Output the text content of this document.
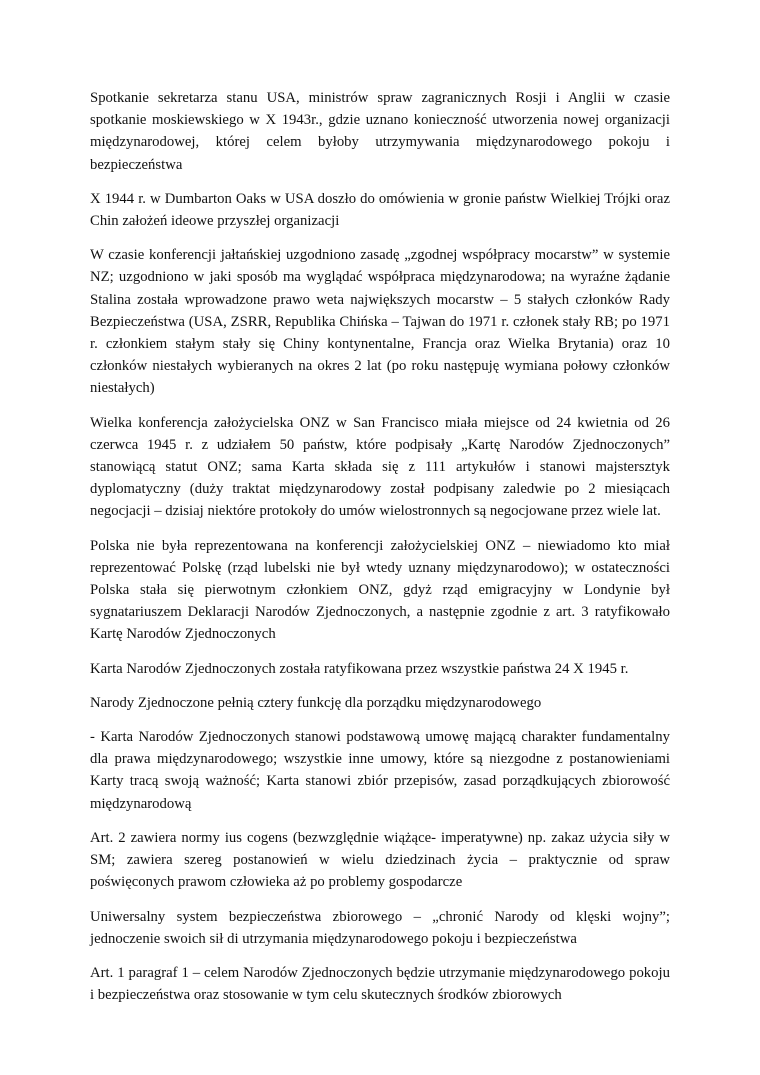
Spotkanie sekretarza stanu USA, ministrów spraw zagranicznych Rosji i Anglii w czasie spotkanie moskiewskiego w X 1943r., gdzie uznano konieczność utworzenia nowej organizacji międzynarodowej, której celem byłoby utrzymywania międzynarodowego pokoju i bezpieczeństwa

X 1944 r. w Dumbarton Oaks w USA doszło do omówienia w gronie państw Wielkiej Trójki oraz Chin założeń ideowe przyszłej organizacji

W czasie konferencji jałtańskiej uzgodniono zasadę „zgodnej współpracy mocarstw” w systemie NZ; uzgodniono w jaki sposób ma wyglądać współpraca międzynarodowa; na wyraźne żądanie Stalina została wprowadzone prawo weta największych mocarstw – 5 stałych członków Rady Bezpieczeństwa (USA, ZSRR, Republika Chińska – Tajwan do 1971 r. członek stały RB; po 1971 r. członkiem stałym stały się Chiny kontynentalne, Francja oraz Wielka Brytania) oraz 10 członków niestałych wybieranych na okres 2 lat (po roku następuję wymiana połowy członków niestałych)

Wielka konferencja założycielska ONZ w San Francisco miała miejsce od 24 kwietnia od 26 czerwca 1945 r. z udziałem 50 państw, które podpisały „Kartę Narodów Zjednoczonych” stanowiącą statut ONZ; sama Karta składa się z 111 artykułów i stanowi majstersztyk dyplomatyczny (duży traktat międzynarodowy został podpisany zaledwie po 2 miesiącach negocjacji – dzisiaj niektóre protokoły do umów wielostronnych są negocjowane przez wiele lat.

Polska nie była reprezentowana na konferencji założycielskiej ONZ – niewiadomo kto miał reprezentować Polskę (rząd lubelski nie był wtedy uznany międzynarodowo); w ostateczności Polska stała się pierwotnym członkiem ONZ, gdyż rząd emigracyjny w Londynie był sygnatariuszem Deklaracji Narodów Zjednoczonych, a następnie zgodnie z art. 3 ratyfikowało Kartę Narodów Zjednoczonych

Karta Narodów Zjednoczonych została ratyfikowana przez wszystkie państwa 24 X 1945 r.

Narody Zjednoczone pełnią cztery funkcję dla porządku międzynarodowego

- Karta Narodów Zjednoczonych stanowi podstawową umowę mającą charakter fundamentalny dla prawa międzynarodowego; wszystkie inne umowy, które są niezgodne z postanowieniami Karty tracą swoją ważność; Karta stanowi zbiór przepisów, zasad porządkujących zbiorowość międzynarodową

Art. 2 zawiera normy ius cogens (bezwzględnie wiążące- imperatywne) np. zakaz użycia siły w SM; zawiera szereg postanowień w wielu dziedzinach życia – praktycznie od spraw poświęconych prawom człowieka aż po problemy gospodarcze

Uniwersalny system bezpieczeństwa zbiorowego – „chronić Narody od klęski wojny”; jednoczenie swoich sił di utrzymania międzynarodowego pokoju i bezpieczeństwa

Art. 1 paragraf 1 – celem Narodów Zjednoczonych będzie utrzymanie międzynarodowego pokoju i bezpieczeństwa oraz stosowanie w tym celu skutecznych środków zbiorowych
